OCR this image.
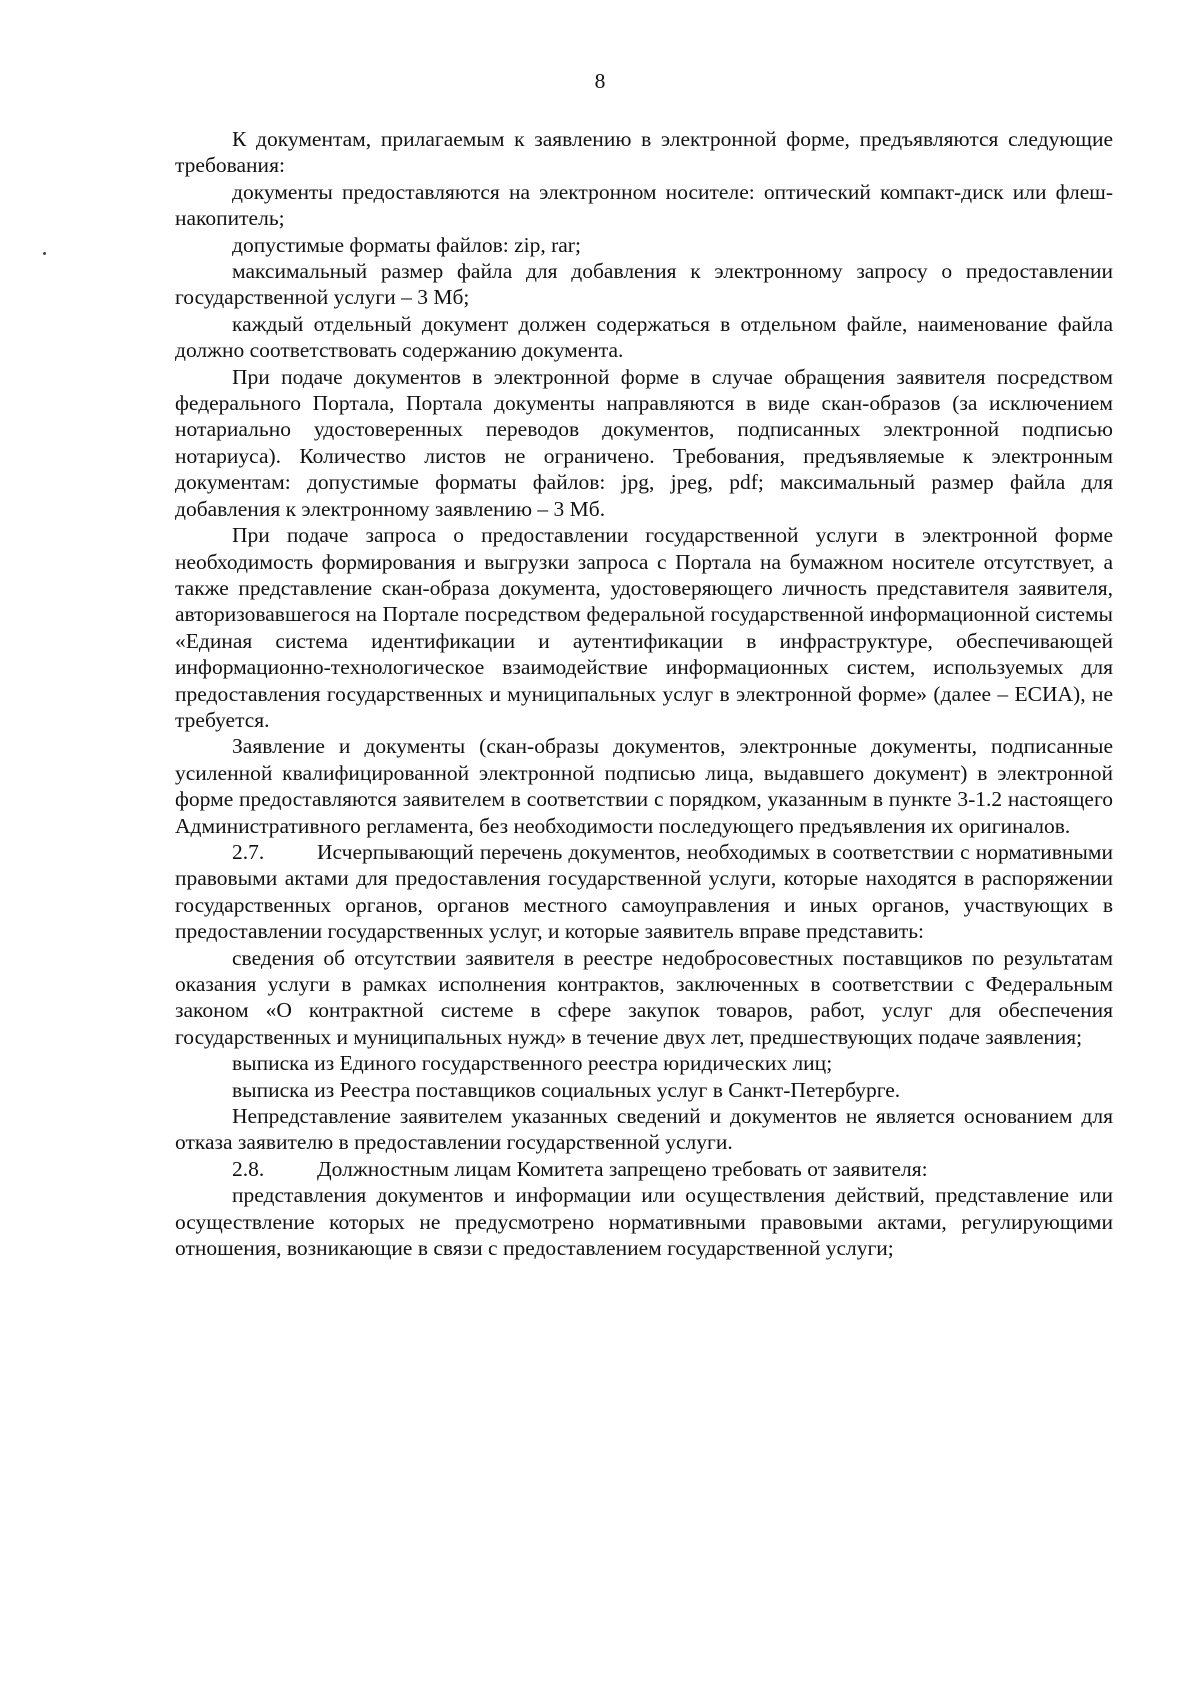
8

К документам, прилагаемым к заявлению в электронной форме, предъявляются следующие требования:

документы предоставляются на электронном носителе: оптический компакт-диск или флеш-накопитель;

допустимые форматы файлов: zip, rar;

максимальный размер файла для добавления к электронному запросу о предоставлении государственной услуги – 3 Мб;

каждый отдельный документ должен содержаться в отдельном файле, наименование файла должно соответствовать содержанию документа.

При подаче документов в электронной форме в случае обращения заявителя посредством федерального Портала, Портала документы направляются в виде скан-образов (за исключением нотариально удостоверенных переводов документов, подписанных электронной подписью нотариуса). Количество листов не ограничено. Требования, предъявляемые к электронным документам: допустимые форматы файлов: jpg, jpeg, pdf; максимальный размер файла для добавления к электронному заявлению – 3 Мб.

При подаче запроса о предоставлении государственной услуги в электронной форме необходимость формирования и выгрузки запроса с Портала на бумажном носителе отсутствует, а также представление скан-образа документа, удостоверяющего личность представителя заявителя, авторизовавшегося на Портале посредством федеральной государственной информационной системы «Единая система идентификации и аутентификации в инфраструктуре, обеспечивающей информационно-технологическое взаимодействие информационных систем, используемых для предоставления государственных и муниципальных услуг в электронной форме» (далее – ЕСИА), не требуется.

Заявление и документы (скан-образы документов, электронные документы, подписанные усиленной квалифицированной электронной подписью лица, выдавшего документ) в электронной форме предоставляются заявителем в соответствии с порядком, указанным в пункте 3-1.2 настоящего Административного регламента, без необходимости последующего предъявления их оригиналов.

2.7. Исчерпывающий перечень документов, необходимых в соответствии с нормативными правовыми актами для предоставления государственной услуги, которые находятся в распоряжении государственных органов, органов местного самоуправления и иных органов, участвующих в предоставлении государственных услуг, и которые заявитель вправе представить:

сведения об отсутствии заявителя в реестре недобросовестных поставщиков по результатам оказания услуги в рамках исполнения контрактов, заключенных в соответствии с Федеральным законом «О контрактной системе в сфере закупок товаров, работ, услуг для обеспечения государственных и муниципальных нужд» в течение двух лет, предшествующих подаче заявления;

выписка из Единого государственного реестра юридических лиц;

выписка из Реестра поставщиков социальных услуг в Санкт-Петербурге.

Непредставление заявителем указанных сведений и документов не является основанием для отказа заявителю в предоставлении государственной услуги.

2.8. Должностным лицам Комитета запрещено требовать от заявителя:

представления документов и информации или осуществления действий, представление или осуществление которых не предусмотрено нормативными правовыми актами, регулирующими отношения, возникающие в связи с предоставлением государственной услуги;
